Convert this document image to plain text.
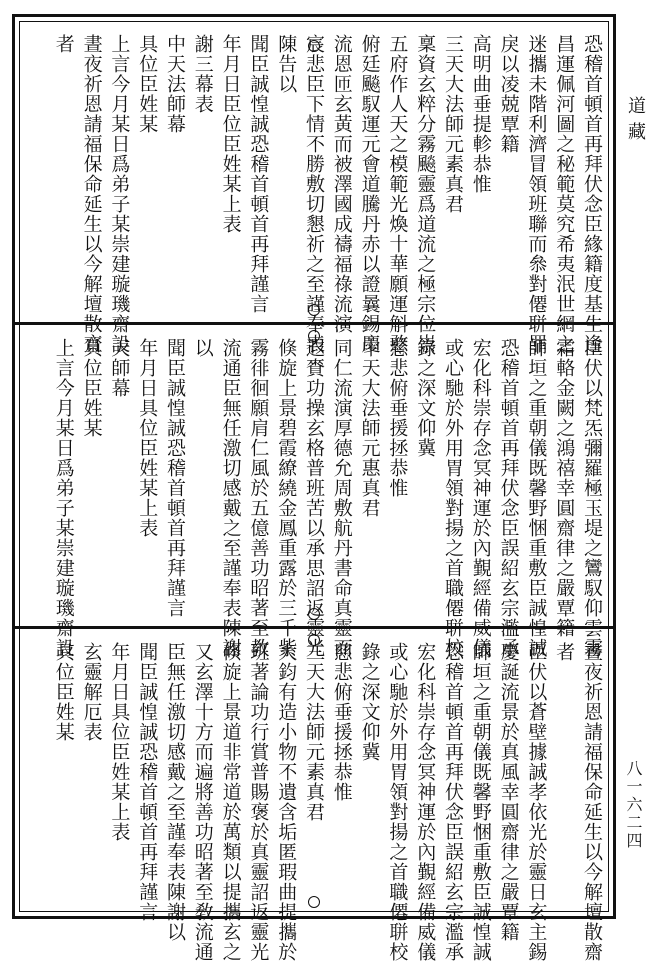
道藏
八一六二四
恐稽首頓首再拜伏念臣緣籍度基生逢
昌運佩河圖之秘範莫究希夷泯世網之
迷攜未階利濟冒領班聯而叅對僊聠罪
戾以凌兢覃籍
高明曲垂提軫恭惟
三天大法師元素真君
稟資玄粹分霧飈靈爲道流之極宗位崇
五府作人天之模範光煥十華願運斛憨
俯廷飈馭運元會道騰丹赤以證曩錫慶
流恩匝玄黃而被澤國成禱福祿流演
宸悲臣下情不勝敷切懇祈之至謹奉表
陳告以
聞臣誠惶誠恐稽首頓首再拜謹言
年月日臣位臣姓某上表
謝三幕表
中天法師幕
具位臣姓某
上言今月某日爲弟子某崇建璇璣齋設
晝夜祈恩請福保命延生以今解壇散齋
者
臣伏以梵炁彌羅極玉堤之鸞馭仰雲霧
霜輅金闕之鴻禧幸圓齋律之嚴覃籍
師垣之重朝儀既馨野悃重敷臣誠惶誠
恐稽首頓首再拜伏念臣誤紹玄宗濫承
宏化科崇存念冥神運於內覲經備威儀
或心馳於外用胃領對揚之首職僊聠校
錄之深文仰冀
慈悲俯垂援拯恭惟
中天大法師元惠真君
同仁流演厚德允周敷航丹書命真靈而
遐賚功操玄格普班苦以承思詔返靈光
倏旋上景碧霞繚繞金鳳重露於三千紫
霧徘徊願肩仁風於五億善功昭著至教
流通臣無任激切感戴之至謹奉表陳謝
以
聞臣誠惶誠恐稽首頓首再拜謹言
年月日具位臣姓某上表
天師幕
具位臣姓某
上言今月某日爲弟子某崇建璇璣齋設
晝夜祈恩請福保命延生以今解壇散齋
者
臣伏以蒼壁據誠孝依光於靈日玄主錫
慶誕流景於真風幸圓齋律之嚴覃籍
師垣之重朝儀既馨野悃重敷臣誠惶誠
恐稽首頓首再拜伏念臣誤紹玄宗濫承
宏化科崇存念冥神運於內覲經備威儀
或心馳於外用胃領對揚之首職僊聠校
錄之深文仰冀
慈悲俯垂援拯恭惟
三天大法師元素真君
大鈞有造小物不遺含垢匿瑕曲提攜於
班著論功行賞普賜褒於真靈詔返靈光
倏旋上景道非常道於萬類以提攜玄之
又玄澤十方而遍將善功昭著至敎流通
臣無任激切感戴之至謹奉表陳謝以
聞臣誠惶誠恐稽首頓首再拜謹言
年月日具位臣姓某上表
玄靈解厄表
具位臣姓某
